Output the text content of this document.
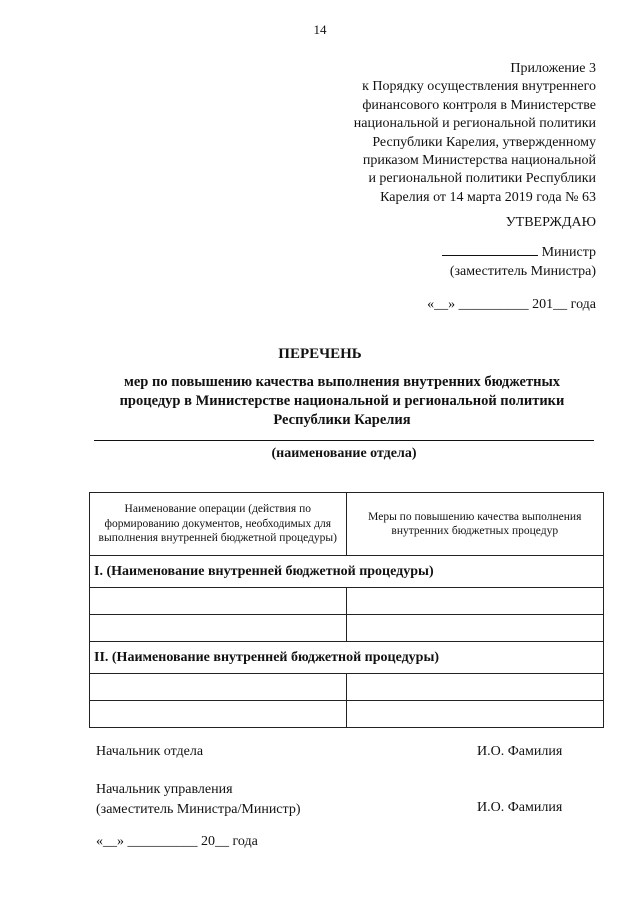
14
Приложение 3
к Порядку осуществления внутреннего
финансового контроля в Министерстве
национальной и региональной политики
Республики Карелия, утвержденному
приказом Министерства национальной
и региональной политики Республики
Карелия от 14 марта 2019 года № 63
УТВЕРЖДАЮ
Министр
(заместитель Министра)
«__» __________ 201__ года
ПЕРЕЧЕНЬ
мер по повышению качества выполнения внутренних бюджетных
процедур в Министерстве национальной и региональной политики
Республики Карелия
(наименование отдела)
Наименование операции (действия по формированию документов, необходимых для выполнения внутренней бюджетной процедуры)	Меры по повышению качества выполнения внутренних бюджетных процедур
I. (Наименование внутренней бюджетной процедуры)	

II. (Наименование внутренней бюджетной процедуры)	

Начальник отдела	И.О. Фамилия
Начальник управления
(заместитель Министра/Министр)	И.О. Фамилия
«__» __________ 20__ года
